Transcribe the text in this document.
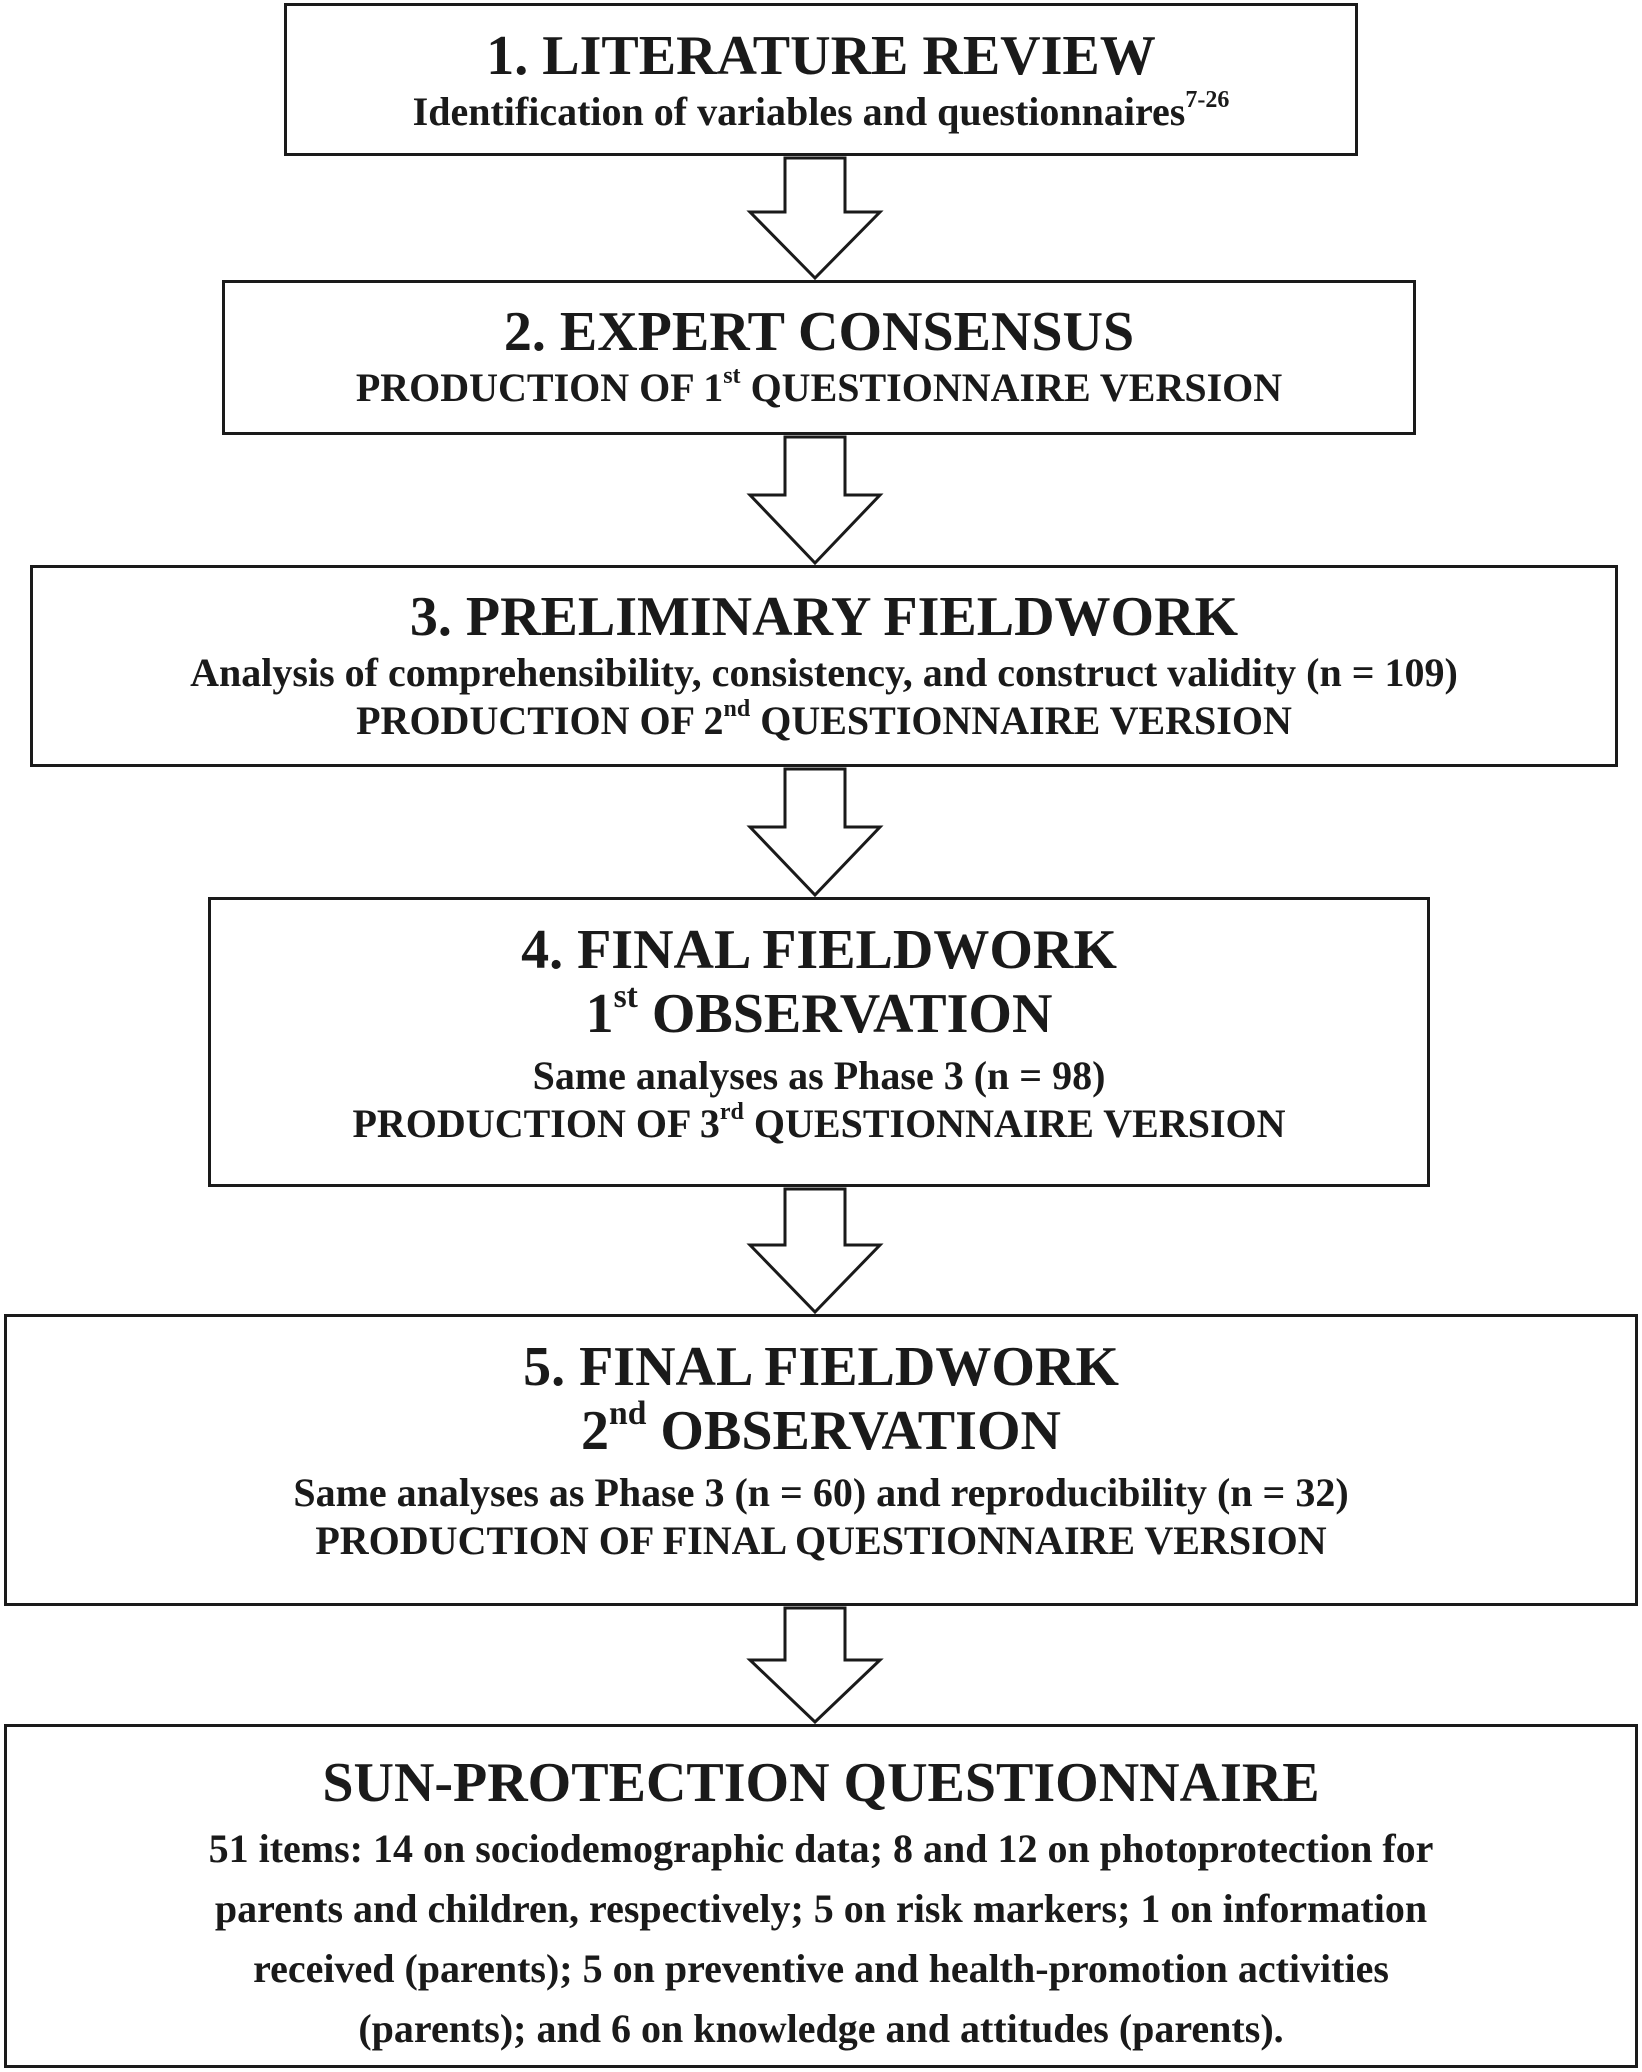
1. LITERATURE REVIEW
Identification of variables and questionnaires$^{7-26}$
2. EXPERT CONSENSUS
PRODUCTION OF 1st QUESTIONNAIRE VERSION
3. PRELIMINARY FIELDWORK
Analysis of comprehensibility, consistency, and construct validity (n = 109)
PRODUCTION OF 2nd QUESTIONNAIRE VERSION
4. FINAL FIELDWORK
1st OBSERVATION
Same analyses as Phase 3 (n = 98)
PRODUCTION OF 3rd QUESTIONNAIRE VERSION
5. FINAL FIELDWORK
2nd OBSERVATION
Same analyses as Phase 3 (n = 60) and reproducibility (n = 32)
PRODUCTION OF FINAL QUESTIONNAIRE VERSION
SUN-PROTECTION QUESTIONNAIRE
51 items: 14 on sociodemographic data; 8 and 12 on photoprotection for
parents and children, respectively; 5 on risk markers; 1 on information
received (parents); 5 on preventive and health-promotion activities
(parents); and 6 on knowledge and attitudes (parents).
